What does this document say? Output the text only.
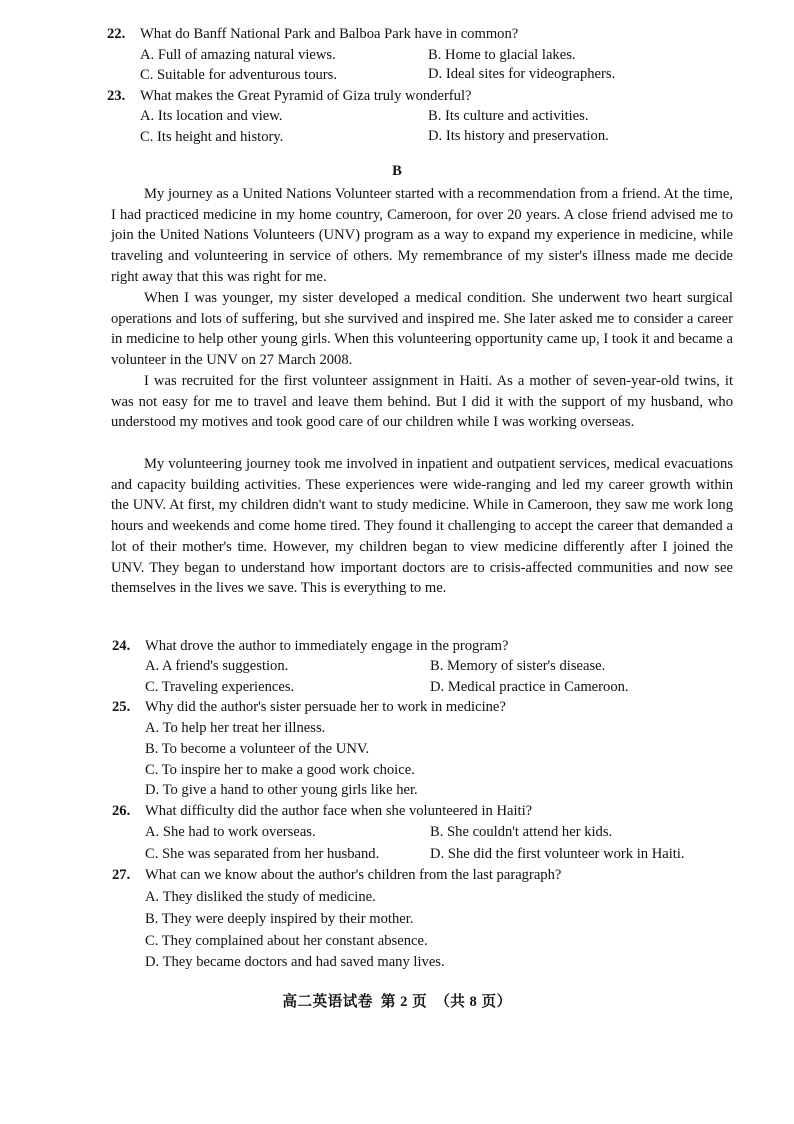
22. What do Banff National Park and Balboa Park have in common?
A. Full of amazing natural views.	B. Home to glacial lakes.
C. Suitable for adventurous tours.	D. Ideal sites for videographers.
23. What makes the Great Pyramid of Giza truly wonderful?
A. Its location and view.	B. Its culture and activities.
C. Its height and history.	D. Its history and preservation.
B

My journey as a United Nations Volunteer started with a recommendation from a friend. At the time, I had practiced medicine in my home country, Cameroon, for over 20 years. A close friend advised me to join the United Nations Volunteers (UNV) program as a way to expand my experience in medicine, while traveling and volunteering in service of others. My remembrance of my sister's illness made me decide right away that this was right for me.

When I was younger, my sister developed a medical condition. She underwent two heart surgical operations and lots of suffering, but she survived and inspired me. She later asked me to consider a career in medicine to help other young girls. When this volunteering opportunity came up, I took it and became a volunteer in the UNV on 27 March 2008.

I was recruited for the first volunteer assignment in Haiti. As a mother of seven-year-old twins, it was not easy for me to travel and leave them behind. But I did it with the support of my husband, who understood my motives and took good care of our children while I was working overseas.

My volunteering journey took me involved in inpatient and outpatient services, medical evacuations and capacity building activities. These experiences were wide-ranging and led my career growth within the UNV. At first, my children didn't want to study medicine. While in Cameroon, they saw me work long hours and weekends and come home tired. They found it challenging to accept the career that demanded a lot of their mother's time. However, my children began to view medicine differently after I joined the UNV. They began to understand how important doctors are to crisis-affected communities and now see themselves in the lives we save. This is everything to me.

24. What drove the author to immediately engage in the program?
A. A friend's suggestion.	B. Memory of sister's disease.
C. Traveling experiences.	D. Medical practice in Cameroon.
25. Why did the author's sister persuade her to work in medicine?
A. To help her treat her illness.
B. To become a volunteer of the UNV.
C. To inspire her to make a good work choice.
D. To give a hand to other young girls like her.
26. What difficulty did the author face when she volunteered in Haiti?
A. She had to work overseas.	B. She couldn't attend her kids.
C. She was separated from her husband.	D. She did the first volunteer work in Haiti.
27. What can we know about the author's children from the last paragraph?
A. They disliked the study of medicine.
B. They were deeply inspired by their mother.
C. They complained about her constant absence.
D. They became doctors and had saved many lives.
高二英语试卷 第 2 页 （共 8 页）
